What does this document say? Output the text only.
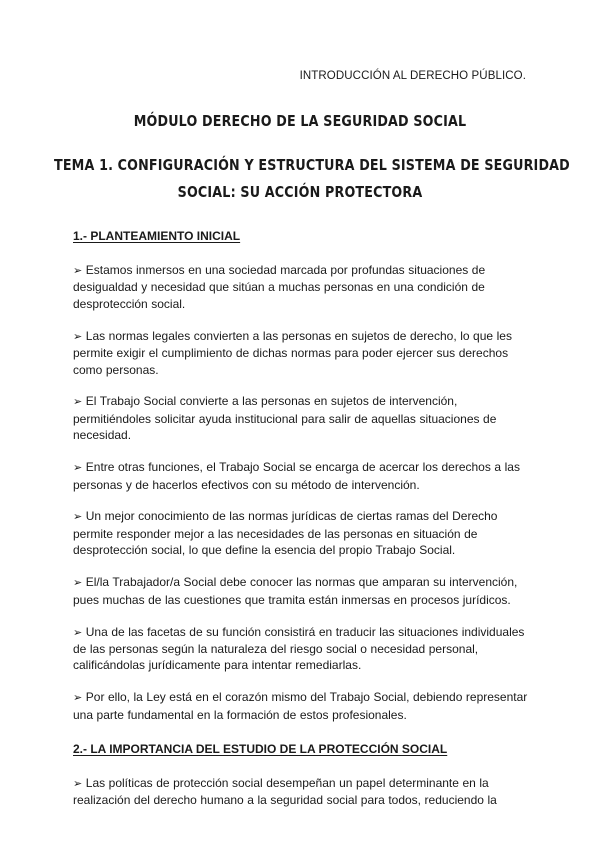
INTRODUCCIÓN AL DERECHO PÚBLICO.
MÓDULO DERECHO DE LA SEGURIDAD SOCIAL
TEMA 1. CONFIGURACIÓN Y ESTRUCTURA DEL SISTEMA DE SEGURIDAD
SOCIAL: SU ACCIÓN PROTECTORA
1.- PLANTEAMIENTO INICIAL

➢ Estamos inmersos en una sociedad marcada por profundas situaciones de desigualdad y necesidad que sitúan a muchas personas en una condición de desprotección social.

➢ Las normas legales convierten a las personas en sujetos de derecho, lo que les permite exigir el cumplimiento de dichas normas para poder ejercer sus derechos como personas.

➢ El Trabajo Social convierte a las personas en sujetos de intervención, permitiéndoles solicitar ayuda institucional para salir de aquellas situaciones de necesidad.

➢ Entre otras funciones, el Trabajo Social se encarga de acercar los derechos a las personas y de hacerlos efectivos con su método de intervención.

➢ Un mejor conocimiento de las normas jurídicas de ciertas ramas del Derecho permite responder mejor a las necesidades de las personas en situación de desprotección social, lo que define la esencia del propio Trabajo Social.

➢ El/la Trabajador/a Social debe conocer las normas que amparan su intervención, pues muchas de las cuestiones que tramita están inmersas en procesos jurídicos.

➢ Una de las facetas de su función consistirá en traducir las situaciones individuales de las personas según la naturaleza del riesgo social o necesidad personal, calificándolas jurídicamente para intentar remediarlas.

➢ Por ello, la Ley está en el corazón mismo del Trabajo Social, debiendo representar una parte fundamental en la formación de estos profesionales.

2.- LA IMPORTANCIA DEL ESTUDIO DE LA PROTECCIÓN SOCIAL

➢ Las políticas de protección social desempeñan un papel determinante en la realización del derecho humano a la seguridad social para todos, reduciendo la
